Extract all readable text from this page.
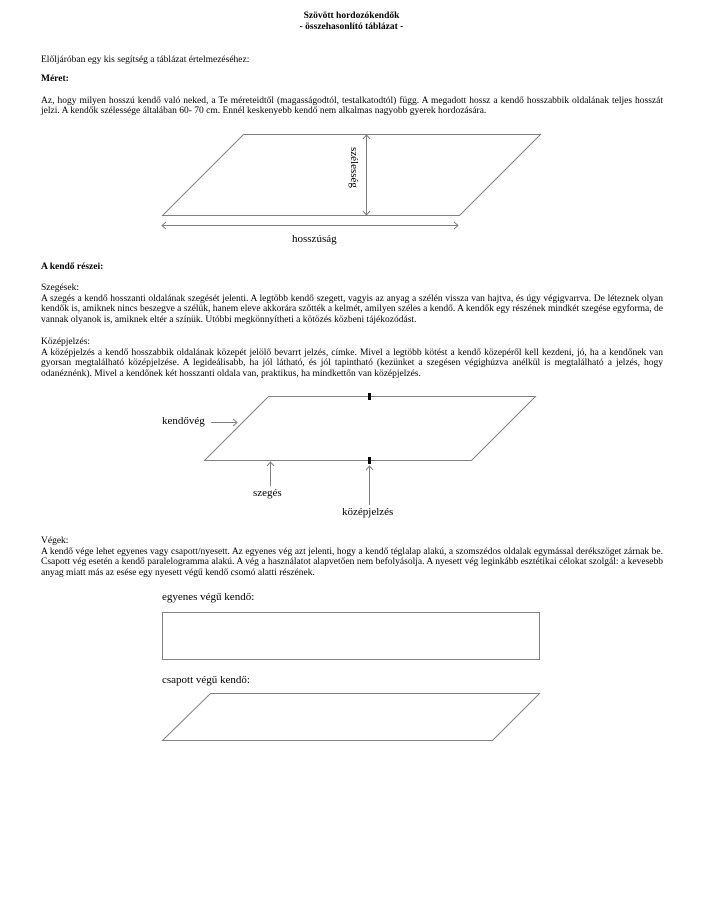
Szövött hordozókendők
- összehasonlító táblázat -
Előljáróban egy kis segítség a táblázat értelmezéséhez:
Méret:
Az, hogy milyen hosszú kendő való neked, a Te méreteidtől (magasságodtól, testalkatodtól) függ. A megadott hossz a kendő hosszabbik oldalának teljes hosszát jelzi. A kendők szélessége általában 60- 70 cm. Ennél keskenyebb kendő nem alkalmas nagyobb gyerek hordozására.
A kendő részei:
Szegések:
A szegés a kendő hosszanti oldalának szegését jelenti. A legtöbb kendő szegett, vagyis az anyag a szélén vissza van hajtva, és úgy végigvarrva. De léteznek olyan kendők is, amiknek nincs beszegve a szélük, hanem eleve akkorára szőtték a kelmét, amilyen széles a kendő. A kendők egy részének mindkét szegése egyforma, de vannak olyanok is, amiknek eltér a színük. Utóbbi megkönnyítheti a kötözés közbeni tájékozódást.
Középjelzés:
A középjelzés a kendő hosszabbik oldalának közepét jelölő bevarrt jelzés, címke. Mivel a legtöbb kötést a kendő közepéről kell kezdeni, jó, ha a kendőnek van gyorsan megtalálható középjelzése. A legideálisabb, ha jól látható, és jól tapintható (kezünket a szegésen végighúzva anélkül is megtalálható a jelzés, hogy odanéznénk). Mivel a kendőnek két hosszanti oldala van, praktikus, ha mindkettőn van középjelzés.
Végek:
A kendő vége lehet egyenes vagy csapott/nyesett. Az egyenes vég azt jelenti, hogy a kendő téglalap alakú, a szomszédos oldalak egymással derékszöget zárnak be. Csapott vég esetén a kendő paralelogramma alakú. A vég a használatot alapvetően nem befolyásolja. A nyesett vég leginkább esztétikai célokat szolgál: a kevesebb anyag miatt más az esése egy nyesett végű kendő csomó alatti részének.
hosszúság
szélesség
kendővég
szegés
középjelzés
egyenes végű kendő:
csapott végű kendő:
